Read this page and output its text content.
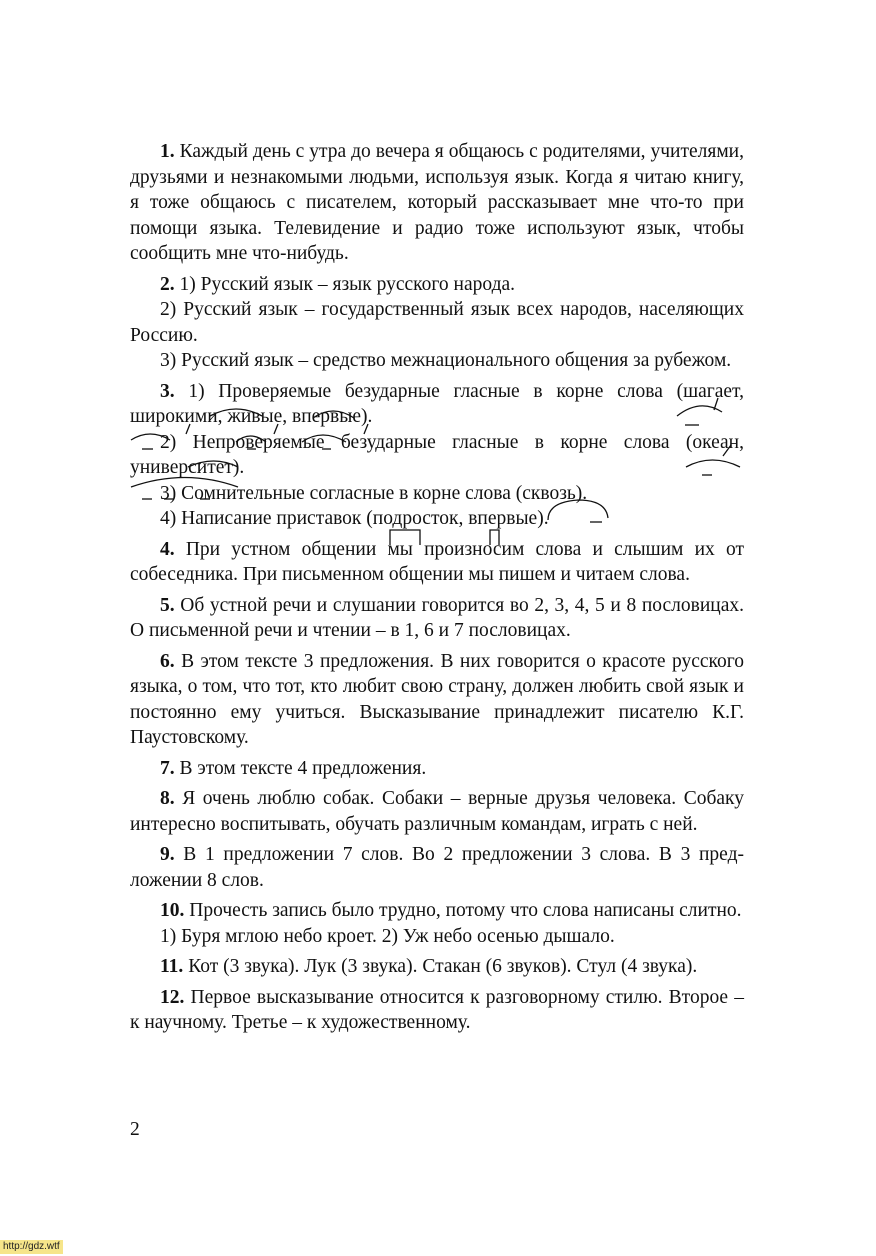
1. Каждый день с утра до вечера я общаюсь с родителями, учителями, друзьями и незнакомыми людьми, используя язык. Когда я читаю книгу, я тоже общаюсь с писателем, который рассказывает мне что-то при помощи языка. Телевидение и радио тоже используют язык, чтобы сообщить мне что-нибудь.

2. 1) Русский язык – язык русского народа.

2) Русский язык – государственный язык всех народов, населяющих Россию.

3) Русский язык – средство межнационального общения за рубежом.

3. 1) Проверяемые безударные гласные в корне слова (шагает, широкими, живые, впервые).

2) Непроверяемые безударные гласные в корне слова (океан, университет).

3) Сомнительные согласные в корне слова (сквозь).

4) Написание приставок (подросток, впервые).

4. При устном общении мы произносим слова и слышим их от собеседника. При письменном общении мы пишем и читаем слова.

5. Об устной речи и слушании говорится во 2, 3, 4, 5 и 8 пословицах. О письменной речи и чтении – в 1, 6 и 7 пословицах.

6. В этом тексте 3 предложения. В них говорится о красоте русского языка, о том, что тот, кто любит свою страну, должен любить свой язык и постоянно ему учиться. Высказывание принадлежит писателю К.Г. Паустовскому.

7. В этом тексте 4 предложения.

8. Я очень люблю собак. Собаки – верные друзья человека. Собаку интересно воспитывать, обучать различным командам, играть с ней.

9. В 1 предложении 7 слов. Во 2 предложении 3 слова. В 3 предложении 8 слов.

10. Прочесть запись было трудно, потому что слова написаны слитно.

1) Буря мглою небо кроет. 2) Уж небо осенью дышало.

11. Кот (3 звука). Лук (3 звука). Стакан (6 звуков). Стул (4 звука).

12. Первое высказывание относится к разговорному стилю. Второе – к научному. Третье – к художественному.

2
http://gdz.wtf
